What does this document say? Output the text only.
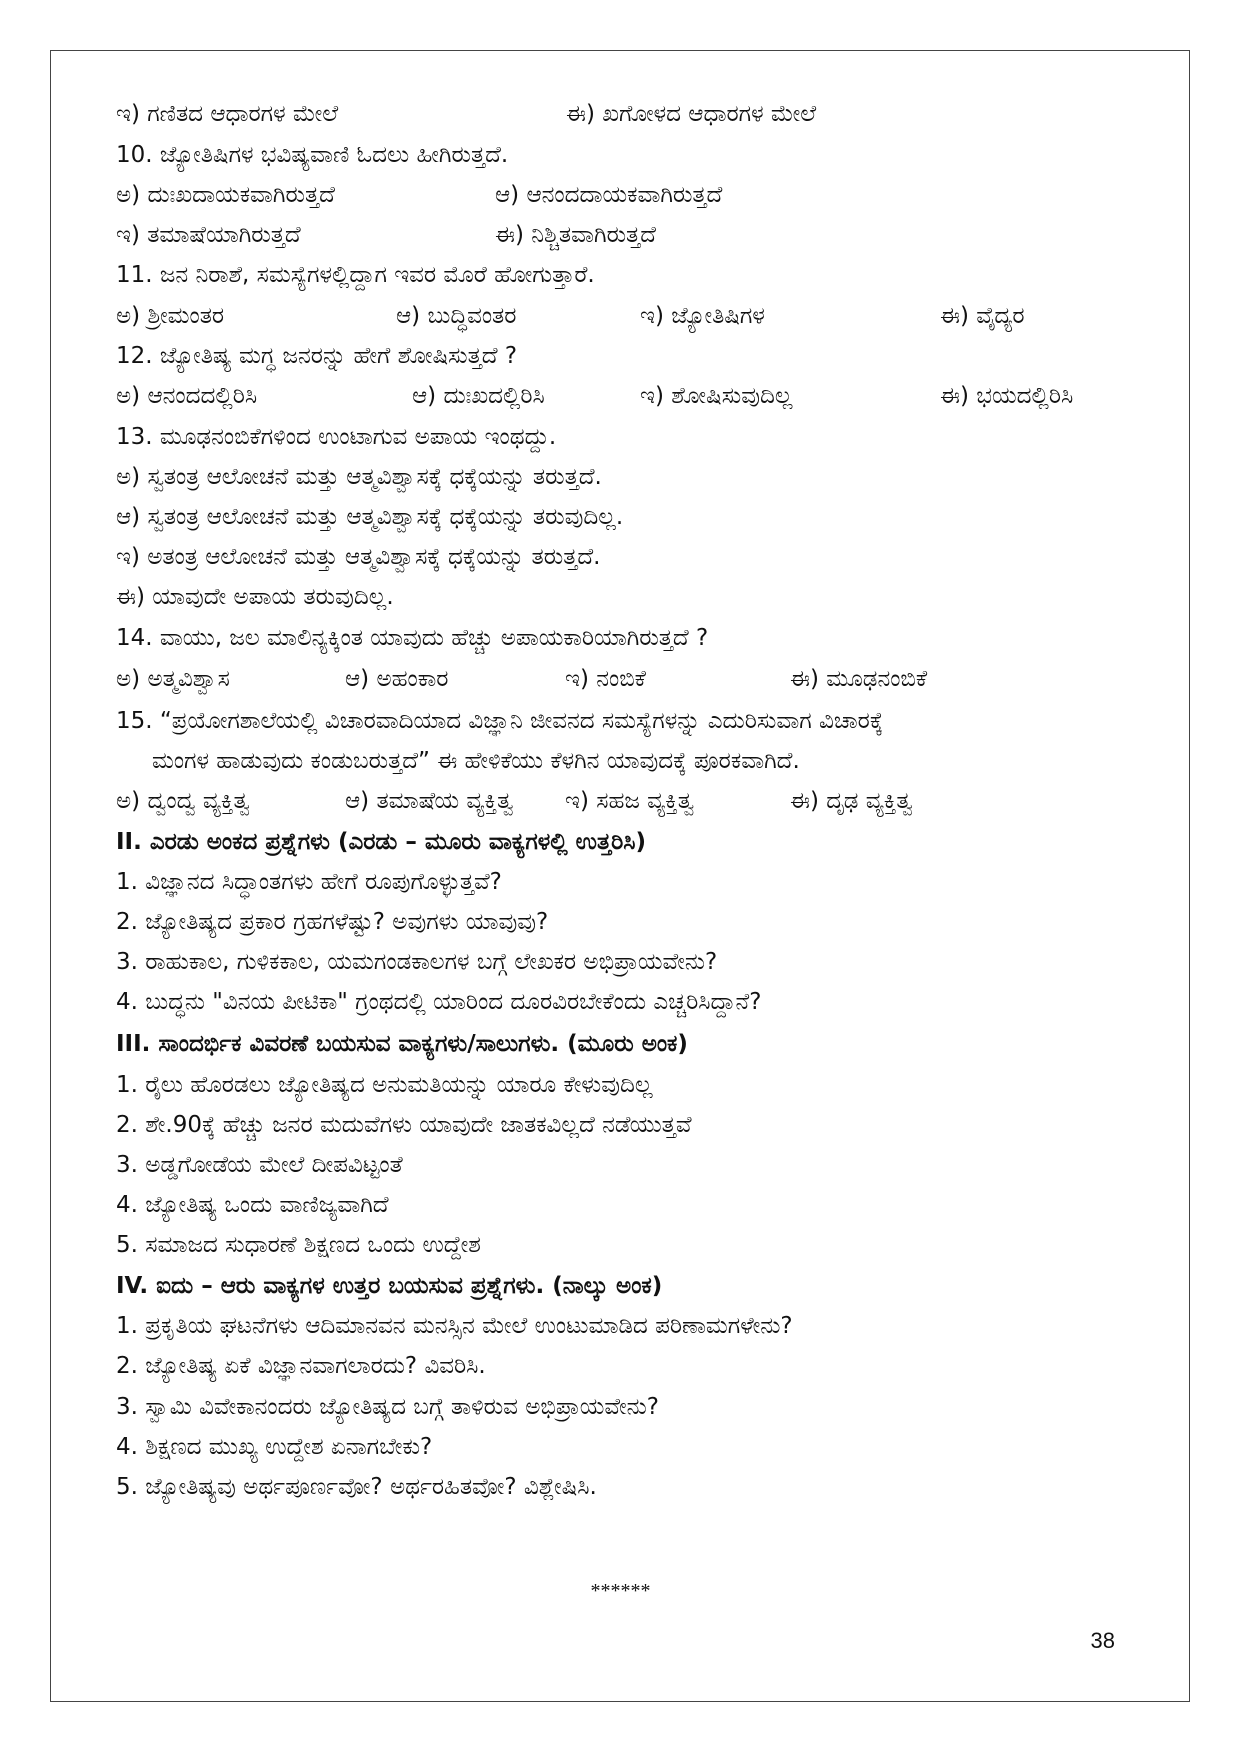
ಇ) ಗಣಿತದ ಆಧಾರಗಳ ಮೇಲೆ	ಈ) ಖಗೋಳದ ಆಧಾರಗಳ ಮೇಲೆ
10. ಜ್ಯೋತಿಷಿಗಳ ಭವಿಷ್ಯವಾಣಿ ಓದಲು ಹೀಗಿರುತ್ತದೆ.
ಅ) ದುಃಖದಾಯಕವಾಗಿರುತ್ತದೆ	ಆ) ಆನಂದದಾಯಕವಾಗಿರುತ್ತದೆ
ಇ) ತಮಾಷೆಯಾಗಿರುತ್ತದೆ	ಈ) ನಿಶ್ಚಿತವಾಗಿರುತ್ತದೆ
11. ಜನ ನಿರಾಶೆ, ಸಮಸ್ಯೆಗಳಲ್ಲಿದ್ದಾಗ ಇವರ ಮೊರೆ ಹೋಗುತ್ತಾರೆ.
ಅ) ಶ್ರೀಮಂತರ	ಆ) ಬುದ್ಧಿವಂತರ	ಇ) ಜ್ಯೋತಿಷಿಗಳ	ಈ) ವೈದ್ಯರ
12. ಜ್ಯೋತಿಷ್ಯ ಮಗ್ಧ ಜನರನ್ನು ಹೇಗೆ ಶೋಷಿಸುತ್ತದೆ ?
ಅ) ಆನಂದದಲ್ಲಿರಿಸಿ	ಆ) ದುಃಖದಲ್ಲಿರಿಸಿ	ಇ) ಶೋಷಿಸುವುದಿಲ್ಲ	ಈ) ಭಯದಲ್ಲಿರಿಸಿ
13. ಮೂಢನಂಬಿಕೆಗಳಿಂದ ಉಂಟಾಗುವ ಅಪಾಯ ಇಂಥದ್ದು.
ಅ) ಸ್ವತಂತ್ರ ಆಲೋಚನೆ ಮತ್ತು ಆತ್ಮವಿಶ್ವಾಸಕ್ಕೆ ಧಕ್ಕೆಯನ್ನು ತರುತ್ತದೆ.
ಆ) ಸ್ವತಂತ್ರ ಆಲೋಚನೆ ಮತ್ತು ಆತ್ಮವಿಶ್ವಾಸಕ್ಕೆ ಧಕ್ಕೆಯನ್ನು ತರುವುದಿಲ್ಲ.
ಇ) ಅತಂತ್ರ ಆಲೋಚನೆ ಮತ್ತು ಆತ್ಮವಿಶ್ವಾಸಕ್ಕೆ ಧಕ್ಕೆಯನ್ನು ತರುತ್ತದೆ.
ಈ) ಯಾವುದೇ ಅಪಾಯ ತರುವುದಿಲ್ಲ.
14. ವಾಯು, ಜಲ ಮಾಲಿನ್ಯಕ್ಕಿಂತ ಯಾವುದು ಹೆಚ್ಚು ಅಪಾಯಕಾರಿಯಾಗಿರುತ್ತದೆ ?
ಅ) ಅತ್ಮವಿಶ್ವಾಸ	ಆ) ಅಹಂಕಾರ	ಇ) ನಂಬಿಕೆ	ಈ) ಮೂಢನಂಬಿಕೆ
15. “ಪ್ರಯೋಗಶಾಲೆಯಲ್ಲಿ ವಿಚಾರವಾದಿಯಾದ ವಿಜ್ಞಾನಿ ಜೀವನದ ಸಮಸ್ಯೆಗಳನ್ನು ಎದುರಿಸುವಾಗ ವಿಚಾರಕ್ಕೆ
ಮಂಗಳ ಹಾಡುವುದು ಕಂಡುಬರುತ್ತದೆ” ಈ ಹೇಳಿಕೆಯು ಕೆಳಗಿನ ಯಾವುದಕ್ಕೆ ಪೂರಕವಾಗಿದೆ.
ಅ) ದ್ವಂದ್ವ ವ್ಯಕ್ತಿತ್ವ	ಆ) ತಮಾಷೆಯ ವ್ಯಕ್ತಿತ್ವ ಇ) ಸಹಜ ವ್ಯಕ್ತಿತ್ವ	ಈ) ದೃಢ ವ್ಯಕ್ತಿತ್ವ
II. ಎರಡು ಅಂಕದ ಪ್ರಶ್ನೆಗಳು (ಎರಡು – ಮೂರು ವಾಕ್ಯಗಳಲ್ಲಿ ಉತ್ತರಿಸಿ)
1. ವಿಜ್ಞಾನದ ಸಿದ್ಧಾಂತಗಳು ಹೇಗೆ ರೂಪುಗೊಳ್ಳುತ್ತವೆ?
2. ಜ್ಯೋತಿಷ್ಯದ ಪ್ರಕಾರ ಗ್ರಹಗಳೆಷ್ಟು? ಅವುಗಳು ಯಾವುವು?
3. ರಾಹುಕಾಲ, ಗುಳಿಕಕಾಲ, ಯಮಗಂಡಕಾಲಗಳ ಬಗ್ಗೆ ಲೇಖಕರ ಅಭಿಪ್ರಾಯವೇನು?
4. ಬುದ್ಧನು "ವಿನಯ ಪೀಟಿಕಾ" ಗ್ರಂಥದಲ್ಲಿ ಯಾರಿಂದ ದೂರವಿರಬೇಕೆಂದು ಎಚ್ಚರಿಸಿದ್ದಾನೆ?
III. ಸಾಂದರ್ಭಿಕ ವಿವರಣೆ ಬಯಸುವ ವಾಕ್ಯಗಳು/ಸಾಲುಗಳು. (ಮೂರು ಅಂಕ)
1. ರೈಲು ಹೊರಡಲು ಜ್ಯೋತಿಷ್ಯದ ಅನುಮತಿಯನ್ನು ಯಾರೂ ಕೇಳುವುದಿಲ್ಲ
2. ಶೇ.90ಕ್ಕೆ ಹೆಚ್ಚು ಜನರ ಮದುವೆಗಳು ಯಾವುದೇ ಜಾತಕವಿಲ್ಲದೆ ನಡೆಯುತ್ತವೆ
3. ಅಡ್ಡಗೋಡೆಯ ಮೇಲೆ ದೀಪವಿಟ್ಟಂತೆ
4. ಜ್ಯೋತಿಷ್ಯ ಒಂದು ವಾಣಿಜ್ಯವಾಗಿದೆ
5. ಸಮಾಜದ ಸುಧಾರಣೆ ಶಿಕ್ಷಣದ ಒಂದು ಉದ್ದೇಶ
IV. ಐದು – ಆರು ವಾಕ್ಯಗಳ ಉತ್ತರ ಬಯಸುವ ಪ್ರಶ್ನೆಗಳು. (ನಾಲ್ಕು ಅಂಕ)
1. ಪ್ರಕೃತಿಯ ಘಟನೆಗಳು ಆದಿಮಾನವನ ಮನಸ್ಸಿನ ಮೇಲೆ ಉಂಟುಮಾಡಿದ ಪರಿಣಾಮಗಳೇನು?
2. ಜ್ಯೋತಿಷ್ಯ ಏಕೆ ವಿಜ್ಞಾನವಾಗಲಾರದು? ವಿವರಿಸಿ.
3. ಸ್ವಾಮಿ ವಿವೇಕಾನಂದರು ಜ್ಯೋತಿಷ್ಯದ ಬಗ್ಗೆ ತಾಳಿರುವ ಅಭಿಪ್ರಾಯವೇನು?
4. ಶಿಕ್ಷಣದ ಮುಖ್ಯ ಉದ್ದೇಶ ಏನಾಗಬೇಕು?
5. ಜ್ಯೋತಿಷ್ಯವು ಅರ್ಥಪೂರ್ಣವೋ? ಅರ್ಥರಹಿತವೋ? ವಿಶ್ಲೇಷಿಸಿ.
******
38
